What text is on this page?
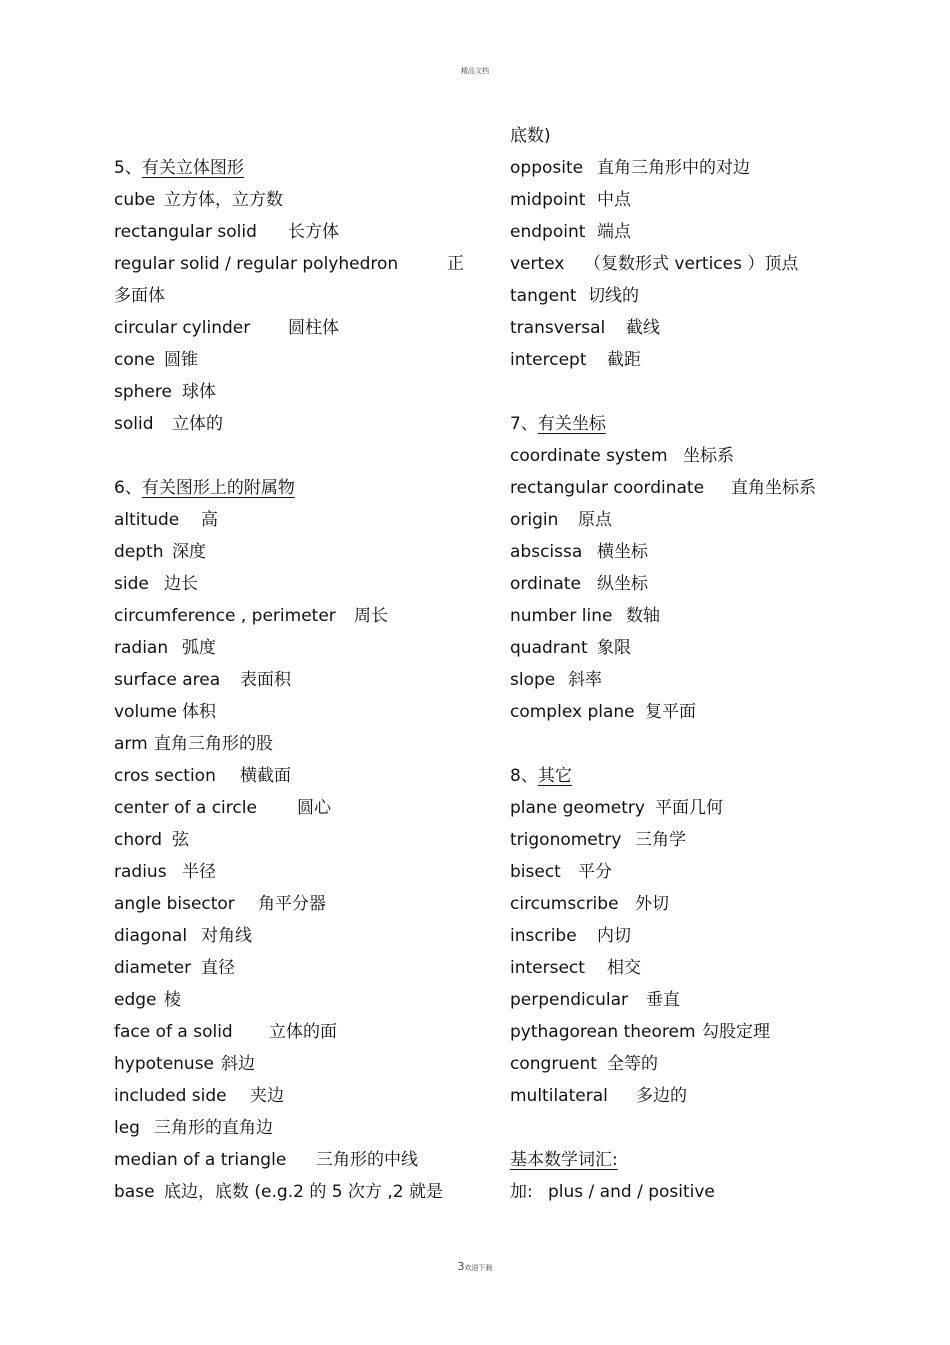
精品文档
5、有关立体图形
cube 立方体，立方数
rectangular solid 长方体
regular solid / regular polyhedron	正
多面体
circular cylinder 圆柱体
cone 圆锥
sphere 球体
solid 立体的
6、有关图形上的附属物
altitude 高
depth 深度
side 边长
circumference , perimeter 周长
radian 弧度
surface area 表面积
volume 体积
arm 直角三角形的股
cros section 横截面
center of a circle 圆心
chord 弦
radius 半径
angle bisector 角平分器
diagonal 对角线
diameter 直径
edge 棱
face of a solid 立体的面
hypotenuse 斜边
included side 夹边
leg 三角形的直角边
median of a triangle 三角形的中线
base 底边，底数 (e.g.2 的 5 次方 ,2 就是
底数)
opposite 直角三角形中的对边
midpoint 中点
endpoint 端点
vertex （复数形式 vertices ）顶点
tangent 切线的
transversal 截线
intercept 截距
7、有关坐标
coordinate system 坐标系
rectangular coordinate 直角坐标系
origin 原点
abscissa 横坐标
ordinate 纵坐标
number line 数轴
quadrant 象限
slope 斜率
complex plane 复平面
8、其它
plane geometry 平面几何
trigonometry 三角学
bisect 平分
circumscribe 外切
inscribe 内切
intersect 相交
perpendicular 垂直
pythagorean theorem 勾股定理
congruent 全等的
multilateral 多边的
基本数学词汇:
加: plus / and / positive
3欢迎下载
